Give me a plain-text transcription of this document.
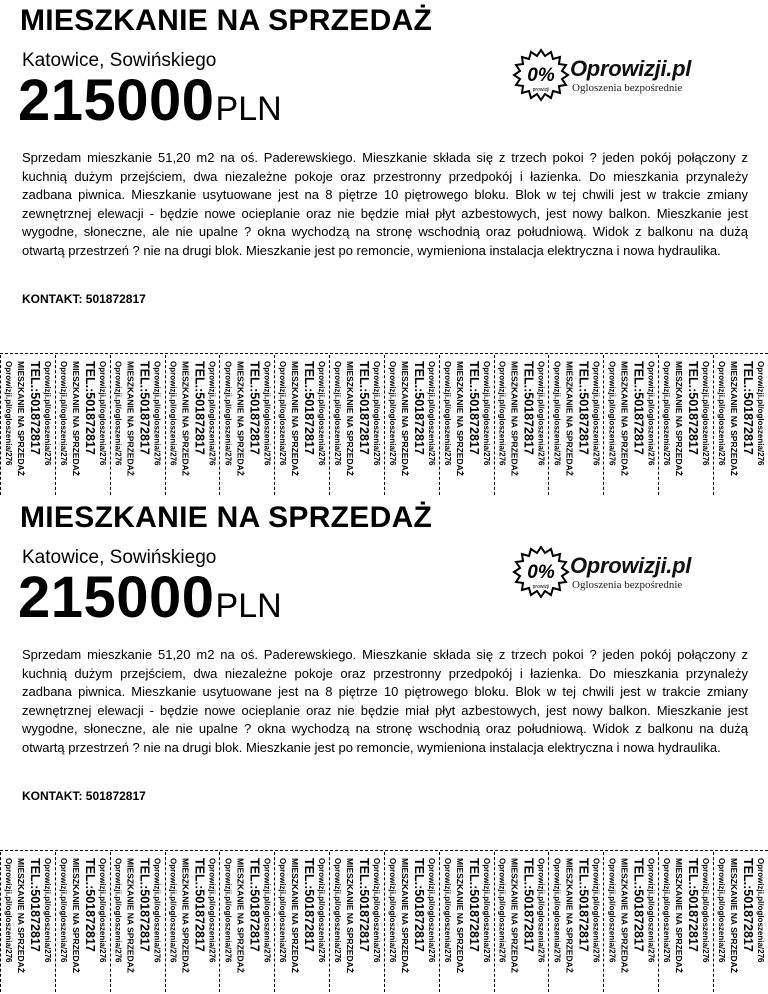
MIESZKANIE NA SPRZEDAŻ
Katowice, Sowińskiego
215000PLN
0%
prowizji
Oprowizji.pl
Ogloszenia bezpośrednie

Sprzedam mieszkanie 51,20 m2 na oś. Paderewskiego. Mieszkanie składa się z trzech pokoi ? jeden pokój połączony z kuchnią dużym przejściem, dwa niezależne pokoje oraz przestronny przedpokój i łazienka. Do mieszkania przynależy zadbana piwnica. Mieszkanie usytuowane jest na 8 piętrze 10 piętrowego bloku. Blok w tej chwili jest w trakcie zmiany zewnętrznej elewacji - będzie nowe ocieplanie oraz nie będzie miał płyt azbestowych, jest nowy balkon. Mieszkanie jest wygodne, słoneczne, ale nie upalne ? okna wychodzą na stronę wschodnią oraz południową. Widok z balkonu na dużą otwartą przestrzeń ? nie na drugi blok. Mieszkanie jest po remoncie, wymieniona instalacja elektryczna i nowa hydraulika.

KONTAKT: 501872817
Oprowizji.pl/ogloszenia/276 MIESZKANIE NA SPRZEDAŻ TEL.:501872817 Oprowizji.pl/ogloszenia/276 Oprowizji.pl/ogloszenia/276 MIESZKANIE NA SPRZEDAŻ TEL.:501872817 Oprowizji.pl/ogloszenia/276 Oprowizji.pl/ogloszenia/276 MIESZKANIE NA SPRZEDAŻ TEL.:501872817 Oprowizji.pl/ogloszenia/276 Oprowizji.pl/ogloszenia/276 MIESZKANIE NA SPRZEDAŻ TEL.:501872817 Oprowizji.pl/ogloszenia/276 Oprowizji.pl/ogloszenia/276 MIESZKANIE NA SPRZEDAŻ TEL.:501872817 Oprowizji.pl/ogloszenia/276 Oprowizji.pl/ogloszenia/276 MIESZKANIE NA SPRZEDAŻ TEL.:501872817 Oprowizji.pl/ogloszenia/276 Oprowizji.pl/ogloszenia/276 MIESZKANIE NA SPRZEDAŻ TEL.:501872817 Oprowizji.pl/ogloszenia/276 Oprowizji.pl/ogloszenia/276 MIESZKANIE NA SPRZEDAŻ TEL.:501872817 Oprowizji.pl/ogloszenia/276 Oprowizji.pl/ogloszenia/276 MIESZKANIE NA SPRZEDAŻ TEL.:501872817 Oprowizji.pl/ogloszenia/276 Oprowizji.pl/ogloszenia/276 MIESZKANIE NA SPRZEDAŻ TEL.:501872817 Oprowizji.pl/ogloszenia/276 Oprowizji.pl/ogloszenia/276 MIESZKANIE NA SPRZEDAŻ TEL.:501872817 Oprowizji.pl/ogloszenia/276 Oprowizji.pl/ogloszenia/276 MIESZKANIE NA SPRZEDAŻ TEL.:501872817 Oprowizji.pl/ogloszenia/276 Oprowizji.pl/ogloszenia/276 MIESZKANIE NA SPRZEDAŻ TEL.:501872817 Oprowizji.pl/ogloszenia/276 Oprowizji.pl/ogloszenia/276 MIESZKANIE NA SPRZEDAŻ TEL.:501872817 Oprowizji.pl/ogloszenia/276
MIESZKANIE NA SPRZEDAŻ
Katowice, Sowińskiego
215000PLN
0%
prowizji
Oprowizji.pl
Ogloszenia bezpośrednie

Sprzedam mieszkanie 51,20 m2 na oś. Paderewskiego. Mieszkanie składa się z trzech pokoi ? jeden pokój połączony z kuchnią dużym przejściem, dwa niezależne pokoje oraz przestronny przedpokój i łazienka. Do mieszkania przynależy zadbana piwnica. Mieszkanie usytuowane jest na 8 piętrze 10 piętrowego bloku. Blok w tej chwili jest w trakcie zmiany zewnętrznej elewacji - będzie nowe ocieplanie oraz nie będzie miał płyt azbestowych, jest nowy balkon. Mieszkanie jest wygodne, słoneczne, ale nie upalne ? okna wychodzą na stronę wschodnią oraz południową. Widok z balkonu na dużą otwartą przestrzeń ? nie na drugi blok. Mieszkanie jest po remoncie, wymieniona instalacja elektryczna i nowa hydraulika.

KONTAKT: 501872817
Oprowizji.pl/ogloszenia/276 MIESZKANIE NA SPRZEDAŻ TEL.:501872817 Oprowizji.pl/ogloszenia/276 Oprowizji.pl/ogloszenia/276 MIESZKANIE NA SPRZEDAŻ TEL.:501872817 Oprowizji.pl/ogloszenia/276 Oprowizji.pl/ogloszenia/276 MIESZKANIE NA SPRZEDAŻ TEL.:501872817 Oprowizji.pl/ogloszenia/276 Oprowizji.pl/ogloszenia/276 MIESZKANIE NA SPRZEDAŻ TEL.:501872817 Oprowizji.pl/ogloszenia/276 Oprowizji.pl/ogloszenia/276 MIESZKANIE NA SPRZEDAŻ TEL.:501872817 Oprowizji.pl/ogloszenia/276 Oprowizji.pl/ogloszenia/276 MIESZKANIE NA SPRZEDAŻ TEL.:501872817 Oprowizji.pl/ogloszenia/276 Oprowizji.pl/ogloszenia/276 MIESZKANIE NA SPRZEDAŻ TEL.:501872817 Oprowizji.pl/ogloszenia/276 Oprowizji.pl/ogloszenia/276 MIESZKANIE NA SPRZEDAŻ TEL.:501872817 Oprowizji.pl/ogloszenia/276 Oprowizji.pl/ogloszenia/276 MIESZKANIE NA SPRZEDAŻ TEL.:501872817 Oprowizji.pl/ogloszenia/276 Oprowizji.pl/ogloszenia/276 MIESZKANIE NA SPRZEDAŻ TEL.:501872817 Oprowizji.pl/ogloszenia/276 Oprowizji.pl/ogloszenia/276 MIESZKANIE NA SPRZEDAŻ TEL.:501872817 Oprowizji.pl/ogloszenia/276 Oprowizji.pl/ogloszenia/276 MIESZKANIE NA SPRZEDAŻ TEL.:501872817 Oprowizji.pl/ogloszenia/276 Oprowizji.pl/ogloszenia/276 MIESZKANIE NA SPRZEDAŻ TEL.:501872817 Oprowizji.pl/ogloszenia/276 Oprowizji.pl/ogloszenia/276 MIESZKANIE NA SPRZEDAŻ TEL.:501872817 Oprowizji.pl/ogloszenia/276
